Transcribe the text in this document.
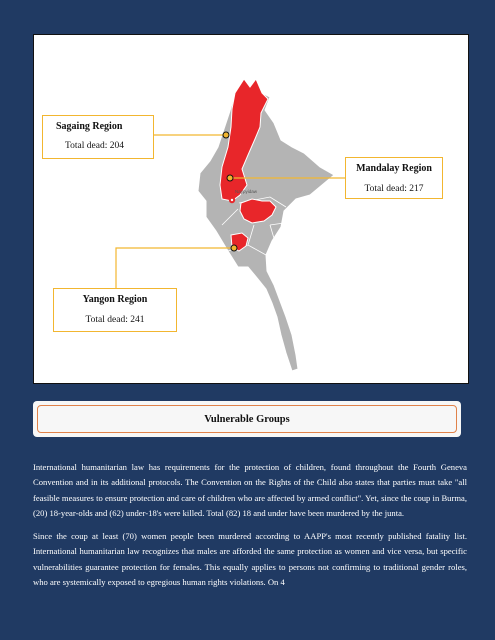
Naypyidaw
Sagaing Region
Total dead: 204
Mandalay Region
Total dead: 217
Yangon Region
Total dead: 241
Vulnerable Groups

International humanitarian law has requirements for the protection of children, found throughout the Fourth Geneva Convention and in its additional protocols. The Convention on the Rights of the Child also states that parties must take "all feasible measures to ensure protection and care of children who are affected by armed conflict". Yet, since the coup in Burma, (20) 18-year-olds and (62) under-18's were killed. Total (82) 18 and under have been murdered by the junta.

Since the coup at least (70) women people been murdered according to AAPP's most recently published fatality list. International humanitarian law recognizes that males are afforded the same protection as women and vice versa, but specific vulnerabilities guarantee protection for females. This equally applies to persons not confirming to traditional gender roles, who are systemically exposed to egregious human rights violations. On 4
